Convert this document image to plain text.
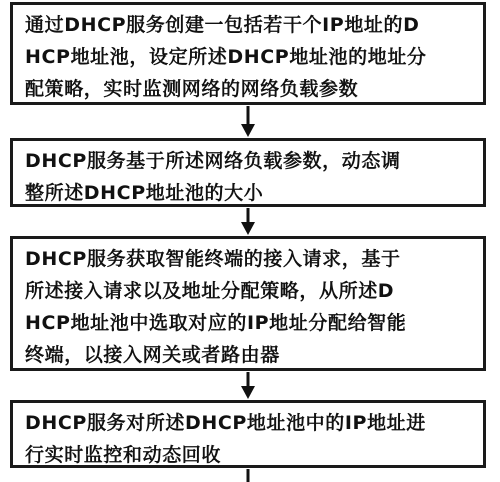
通过DHCP服务创建一包括若干个IP地址的D
HCP地址池，设定所述DHCP地址池的地址分
配策略，实时监测网络的网络负载参数
DHCP服务基于所述网络负载参数，动态调
整所述DHCP地址池的大小
DHCP服务获取智能终端的接入请求，基于
所述接入请求以及地址分配策略，从所述D
HCP地址池中选取对应的IP地址分配给智能
终端，以接入网关或者路由器
DHCP服务对所述DHCP地址池中的IP地址进
行实时监控和动态回收
